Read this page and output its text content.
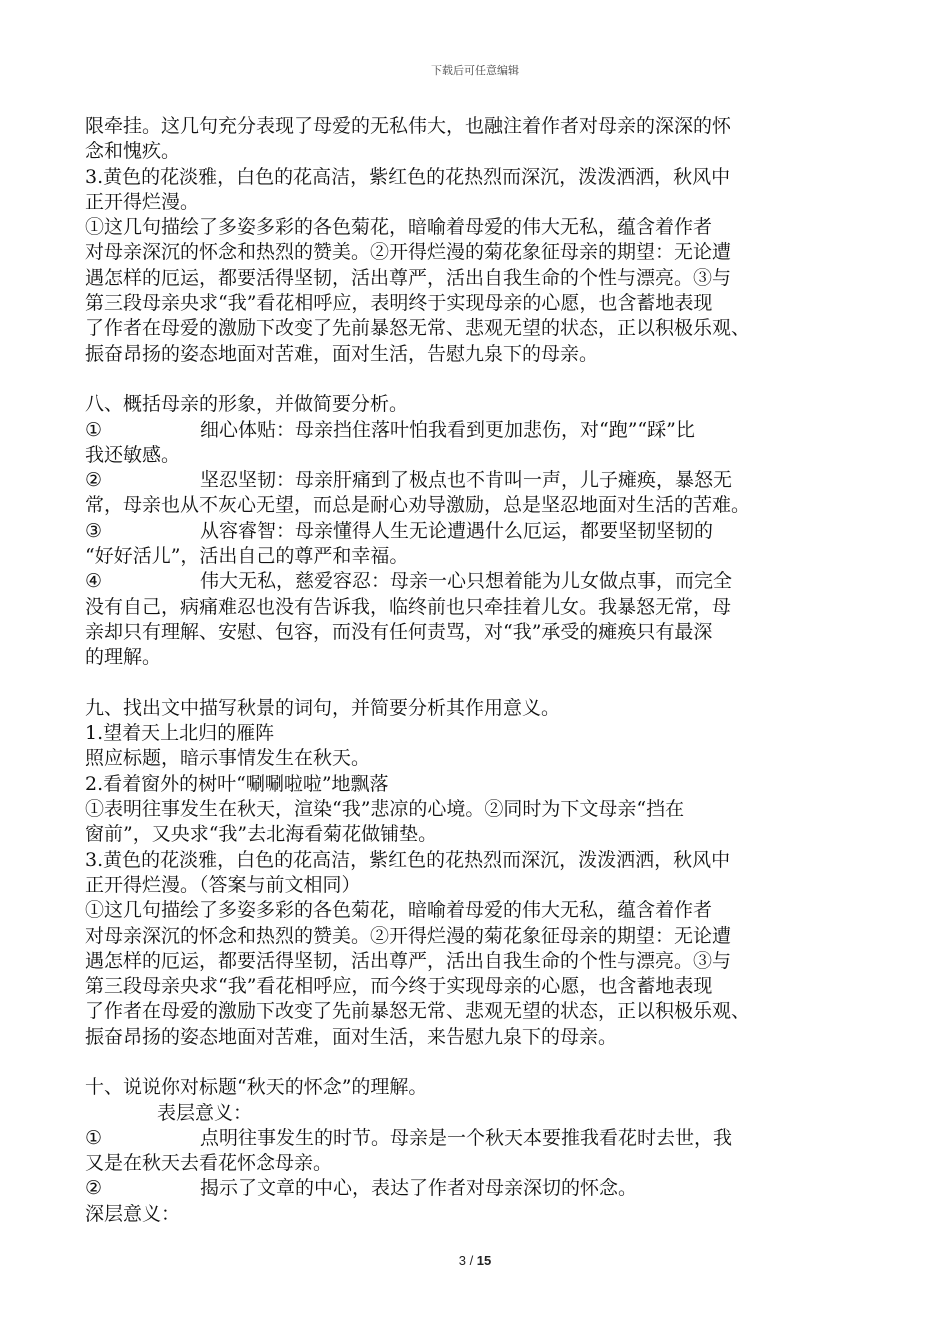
下载后可任意编辑
限牵挂。这几句充分表现了母爱的无私伟大，也融注着作者对母亲的深深的怀
念和愧疚。
3.黄色的花淡雅，白色的花高洁，紫红色的花热烈而深沉，泼泼洒洒，秋风中
正开得烂漫。
①这几句描绘了多姿多彩的各色菊花，暗喻着母爱的伟大无私，蕴含着作者
对母亲深沉的怀念和热烈的赞美。②开得烂漫的菊花象征母亲的期望：无论遭
遇怎样的厄运，都要活得坚韧，活出尊严，活出自我生命的个性与漂亮。③与
第三段母亲央求“我”看花相呼应，表明终于实现母亲的心愿，也含蓄地表现
了作者在母爱的激励下改变了先前暴怒无常、悲观无望的状态，正以积极乐观、
振奋昂扬的姿态地面对苦难，面对生活，告慰九泉下的母亲。
八、概括母亲的形象，并做简要分析。
①	细心体贴：母亲挡住落叶怕我看到更加悲伤，对“跑”“踩”比
我还敏感。
②	坚忍坚韧：母亲肝痛到了极点也不肯叫一声，儿子瘫痪，暴怒无
常，母亲也从不灰心无望，而总是耐心劝导激励，总是坚忍地面对生活的苦难。
③	从容睿智：母亲懂得人生无论遭遇什么厄运，都要坚韧坚韧的
“好好活儿”，活出自己的尊严和幸福。
④	伟大无私，慈爱容忍：母亲一心只想着能为儿女做点事，而完全
没有自己，病痛难忍也没有告诉我，临终前也只牵挂着儿女。我暴怒无常，母
亲却只有理解、安慰、包容，而没有任何责骂，对“我”承受的瘫痪只有最深
的理解。
九、找出文中描写秋景的词句，并简要分析其作用意义。
1.望着天上北归的雁阵
照应标题，暗示事情发生在秋天。
2.看着窗外的树叶“唰唰啦啦”地飘落
①表明往事发生在秋天，渲染“我”悲凉的心境。②同时为下文母亲“挡在
窗前”，又央求“我”去北海看菊花做铺垫。
3.黄色的花淡雅，白色的花高洁，紫红色的花热烈而深沉，泼泼洒洒，秋风中
正开得烂漫。（答案与前文相同）
①这几句描绘了多姿多彩的各色菊花，暗喻着母爱的伟大无私，蕴含着作者
对母亲深沉的怀念和热烈的赞美。②开得烂漫的菊花象征母亲的期望：无论遭
遇怎样的厄运，都要活得坚韧，活出尊严，活出自我生命的个性与漂亮。③与
第三段母亲央求“我”看花相呼应，而今终于实现母亲的心愿，也含蓄地表现
了作者在母爱的激励下改变了先前暴怒无常、悲观无望的状态，正以积极乐观、
振奋昂扬的姿态地面对苦难，面对生活，来告慰九泉下的母亲。
十、说说你对标题“秋天的怀念”的理解。
表层意义：
①	点明往事发生的时节。母亲是一个秋天本要推我看花时去世，我
又是在秋天去看花怀念母亲。
②	揭示了文章的中心，表达了作者对母亲深切的怀念。
深层意义：
3 / 15
